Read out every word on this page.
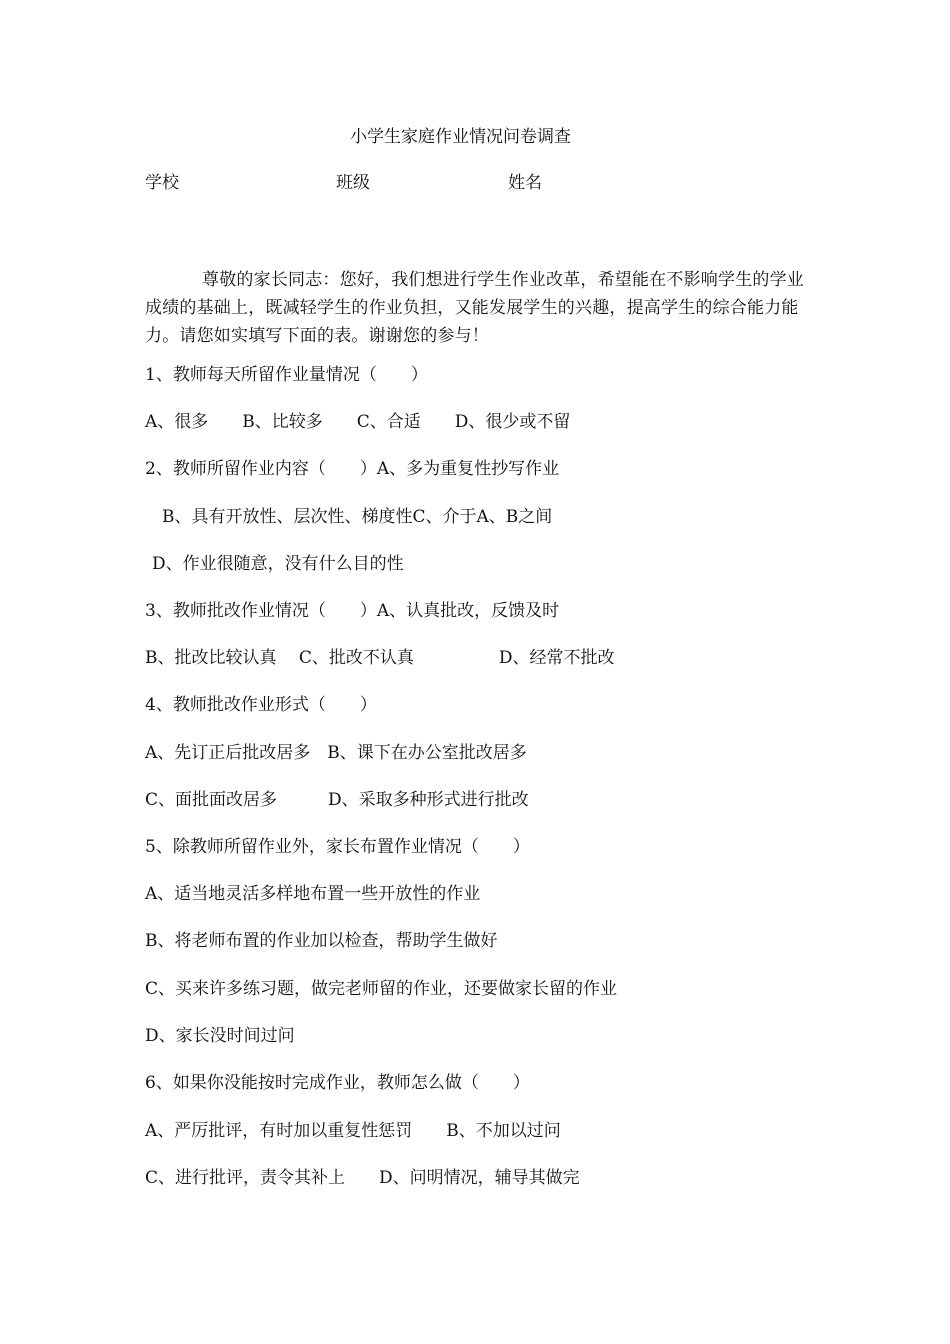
小学生家庭作业情况问卷调查
学校	班级	姓名
尊敬的家长同志：您好，我们想进行学生作业改革，希望能在不影响学生的学业成绩的基础上，既减轻学生的作业负担，又能发展学生的兴趣，提高学生的综合能力能力。请您如实填写下面的表。谢谢您的参与！
1、教师每天所留作业量情况（　　）
A、很多　　B、比较多　　C、合适　　D、很少或不留
2、教师所留作业内容（　　）A、多为重复性抄写作业
B、具有开放性、层次性、梯度性C、介于A、B之间
D、作业很随意，没有什么目的性
3、教师批改作业情况（　　）A、认真批改，反馈及时
B、批改比较认真　 C、批改不认真　　　　　D、经常不批改
4、教师批改作业形式（　　）
A、先订正后批改居多　B、课下在办公室批改居多
C、面批面改居多　　　D、采取多种形式进行批改
5、除教师所留作业外，家长布置作业情况（　　）
A、适当地灵活多样地布置一些开放性的作业
B、将老师布置的作业加以检查，帮助学生做好
C、买来许多练习题，做完老师留的作业，还要做家长留的作业
D、家长没时间过问
6、如果你没能按时完成作业，教师怎么做（　　）
A、严厉批评，有时加以重复性惩罚　　B、不加以过问
C、进行批评，责令其补上　　D、问明情况，辅导其做完
